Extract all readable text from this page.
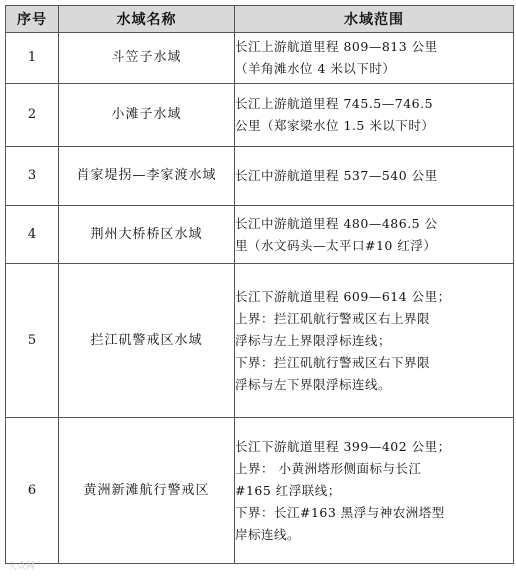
序号	水域名称	水域范围
1	斗笠子水域	长江上游航道里程 809—813 公里
（羊角滩水位 4 米以下时）

2	小滩子水域	长江上游航道里程 745.5—746.5
公里（郑家梁水位 1.5 米以下时）

3	肖家堤拐—李家渡水域	长江中游航道里程 537—540 公里

4	荆州大桥桥区水域	长江中游航道里程 480—486.5 公
里（水文码头—太平口#10 红浮）

5	拦江矶警戒区水域	长江下游航道里程 609—614 公里；
上界：拦江矶航行警戒区右上界限
浮标与左上界限浮标连线；
下界：拦江矶航行警戒区右下界限
浮标与左下界限浮标连线。

6	黄洲新滩航行警戒区	长江下游航道里程 399—402 公里；
上界： 小黄洲塔形侧面标与长江
#165 红浮联线；
下界：长江#163 黑浮与神农洲塔型
岸标连线。
大众网
